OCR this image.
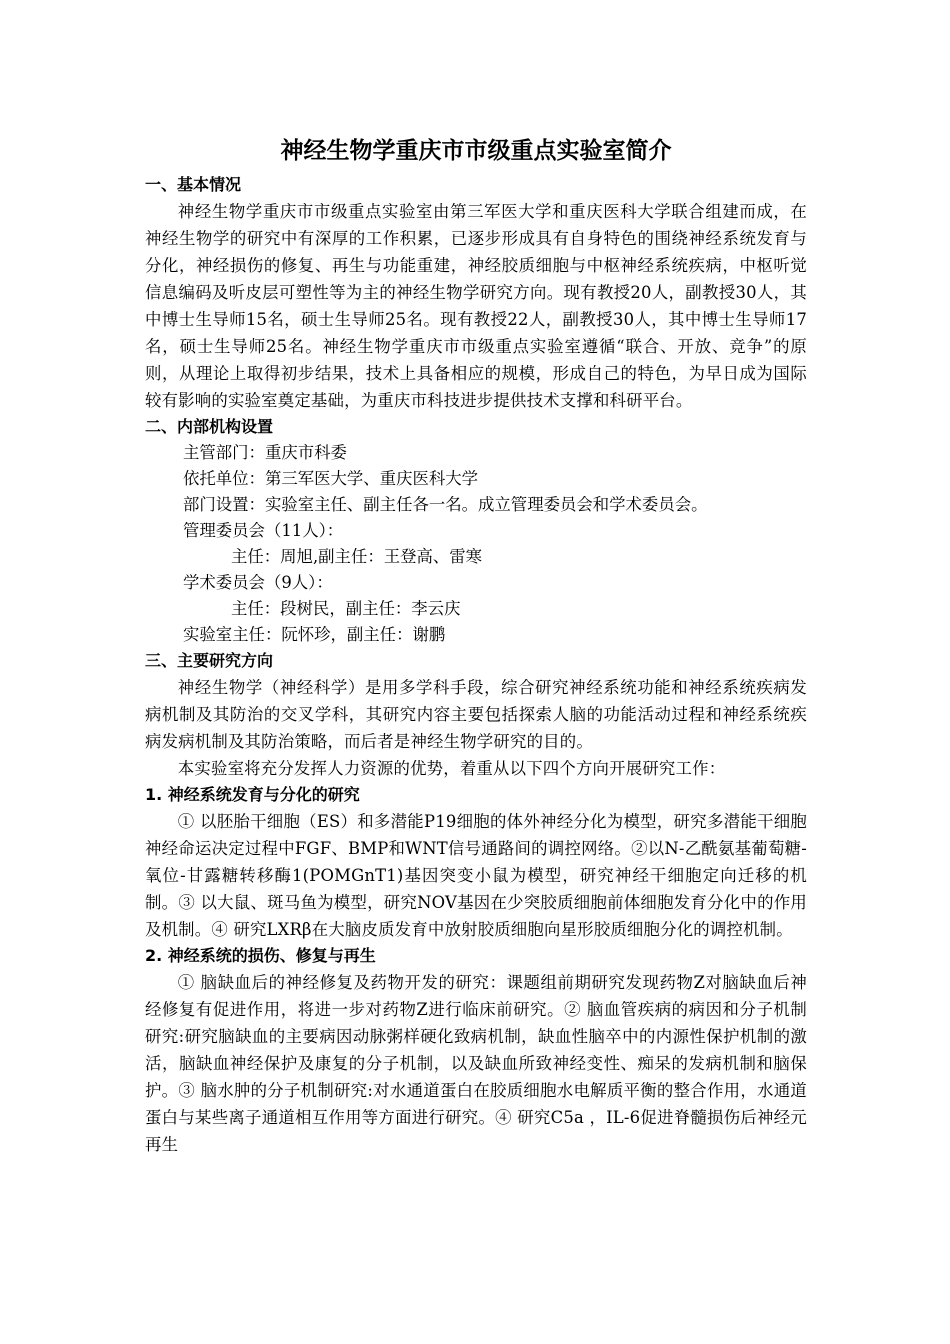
神经生物学重庆市市级重点实验室简介
一、基本情况

神经生物学重庆市市级重点实验室由第三军医大学和重庆医科大学联合组建而成，在神经生物学的研究中有深厚的工作积累，已逐步形成具有自身特色的围绕神经系统发育与分化，神经损伤的修复、再生与功能重建，神经胶质细胞与中枢神经系统疾病，中枢听觉信息编码及听皮层可塑性等为主的神经生物学研究方向。现有教授20人，副教授30人，其中博士生导师15名，硕士生导师25名。现有教授22人，副教授30人，其中博士生导师17名，硕士生导师25名。神经生物学重庆市市级重点实验室遵循“联合、开放、竞争”的原则，从理论上取得初步结果，技术上具备相应的规模，形成自己的特色，为早日成为国际较有影响的实验室奠定基础，为重庆市科技进步提供技术支撑和科研平台。

二、内部机构设置

主管部门：重庆市科委

依托单位：第三军医大学、重庆医科大学

部门设置：实验室主任、副主任各一名。成立管理委员会和学术委员会。

管理委员会（11人）：

主任：周旭,副主任：王登高、雷寒

学术委员会（9人）：

主任：段树民，副主任：李云庆

实验室主任：阮怀珍，副主任：谢鹏

三、主要研究方向

神经生物学（神经科学）是用多学科手段，综合研究神经系统功能和神经系统疾病发病机制及其防治的交叉学科，其研究内容主要包括探索人脑的功能活动过程和神经系统疾病发病机制及其防治策略，而后者是神经生物学研究的目的。

本实验室将充分发挥人力资源的优势，着重从以下四个方向开展研究工作：

1. 神经系统发育与分化的研究

① 以胚胎干细胞（ES）和多潜能P19细胞的体外神经分化为模型，研究多潜能干细胞神经命运决定过程中FGF、BMP和WNT信号通路间的调控网络。②以N-乙酰氨基葡萄糖-氧位-甘露糖转移酶1(POMGnT1)基因突变小鼠为模型，研究神经干细胞定向迁移的机制。③ 以大鼠、斑马鱼为模型，研究NOV基因在少突胶质细胞前体细胞发育分化中的作用及机制。④ 研究LXRβ在大脑皮质发育中放射胶质细胞向星形胶质细胞分化的调控机制。

2. 神经系统的损伤、修复与再生

① 脑缺血后的神经修复及药物开发的研究：课题组前期研究发现药物Z对脑缺血后神经修复有促进作用，将进一步对药物Z进行临床前研究。② 脑血管疾病的病因和分子机制研究:研究脑缺血的主要病因动脉粥样硬化致病机制，缺血性脑卒中的内源性保护机制的激活，脑缺血神经保护及康复的分子机制，以及缺血所致神经变性、痴呆的发病机制和脑保护。③ 脑水肿的分子机制研究:对水通道蛋白在胶质细胞水电解质平衡的整合作用，水通道蛋白与某些离子通道相互作用等方面进行研究。④ 研究C5a ，IL-6促进脊髓损伤后神经元再生
